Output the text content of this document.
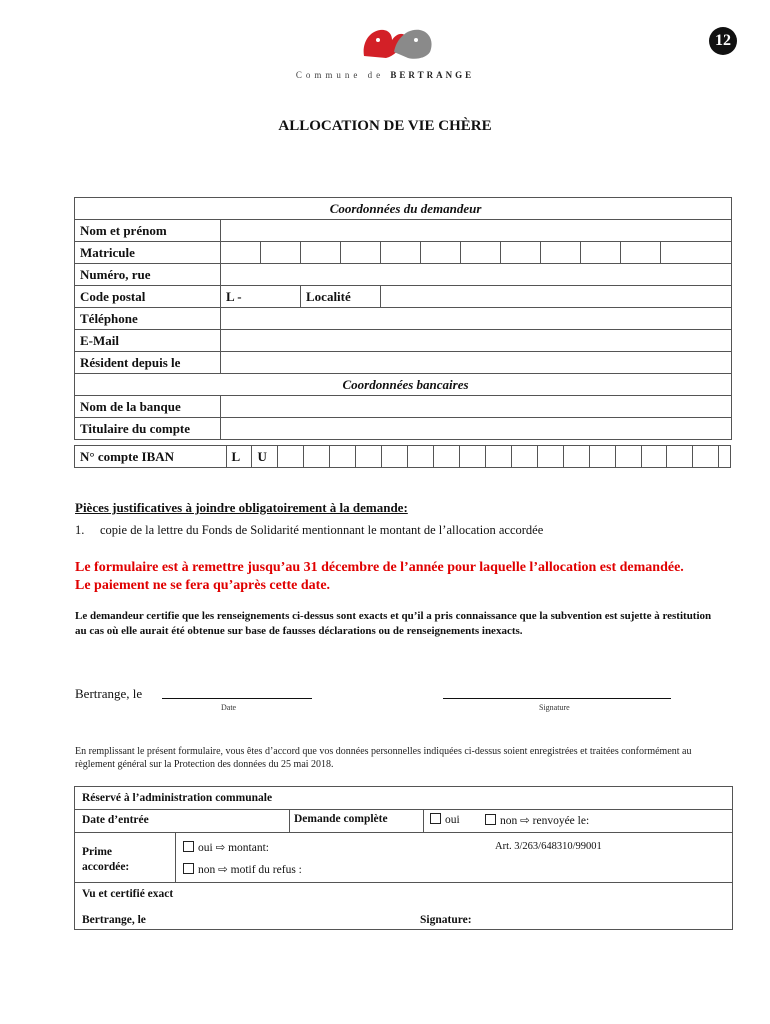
Commune de BERTRANGE
12
ALLOCATION DE VIE CHÈRE
Coordonnées du demandeur												
Nom et prénom												
Matricule												
Numéro, rue												
Code postal	L -		Localité									
Téléphone												
E-Mail												
Résident depuis le												
Coordonnées bancaires												
Nom de la banque												
Titulaire du compte												
N° compte IBAN	L	U																		
Pièces justificatives à joindre obligatoirement à la demande:
1. copie de la lettre du Fonds de Solidarité mentionnant le montant de l’allocation accordée
Le formulaire est à remettre jusqu’au 31 décembre de l’année pour laquelle l’allocation est demandée. Le paiement ne se fera qu’après cette date.
Le demandeur certifie que les renseignements ci-dessus sont exacts et qu’il a pris connaissance que la subvention est sujette à restitution au cas où elle aurait été obtenue sur base de fausses déclarations ou de renseignements inexacts.
Bertrange, le
Date	Signature
En remplissant le présent formulaire, vous êtes d’accord que vos données personnelles indiquées ci-dessus soient enregistrées et traitées conformément au règlement général sur la Protection des données du 25 mai 2018.
Réservé à l’administration communale
Date d’entrée	Demande complète	oui	non ⇨ renvoyée le:
Prime
accordée:
oui ⇨ montant:	Art. 3/263/648310/99001
non ⇨ motif du refus :
Vu et certifié exact
Bertrange, le	Signature:
